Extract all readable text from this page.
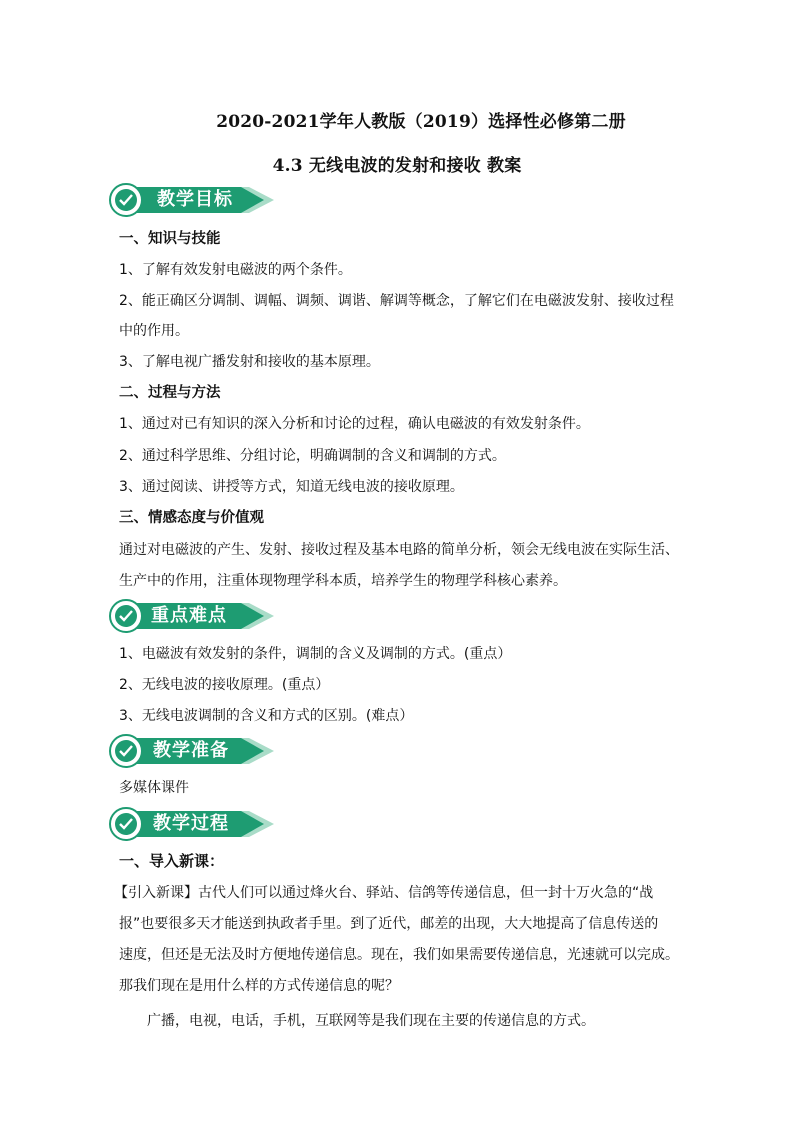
2020-2021学年人教版（2019）选择性必修第二册
4.3 无线电波的发射和接收 教案
教学目标
一、知识与技能
1、了解有效发射电磁波的两个条件。
2、能正确区分调制、调幅、调频、调谐、解调等概念，了解它们在电磁波发射、接收过程
中的作用。
3、了解电视广播发射和接收的基本原理。
二、过程与方法
1、通过对已有知识的深入分析和讨论的过程，确认电磁波的有效发射条件。
2、通过科学思维、分组讨论，明确调制的含义和调制的方式。
3、通过阅读、讲授等方式，知道无线电波的接收原理。
三、情感态度与价值观
通过对电磁波的产生、发射、接收过程及基本电路的简单分析，领会无线电波在实际生活、
生产中的作用，注重体现物理学科本质，培养学生的物理学科核心素养。
重点难点
1、电磁波有效发射的条件，调制的含义及调制的方式。(重点）
2、无线电波的接收原理。(重点）
3、无线电波调制的含义和方式的区别。(难点）
教学准备
多媒体课件
教学过程
一、导入新课：
【引入新课】古代人们可以通过烽火台、驿站、信鸽等传递信息，但一封十万火急的“战
报”也要很多天才能送到执政者手里。到了近代，邮差的出现，大大地提高了信息传送的
速度，但还是无法及时方便地传递信息。现在，我们如果需要传递信息，光速就可以完成。
那我们现在是用什么样的方式传递信息的呢？
广播，电视，电话，手机，互联网等是我们现在主要的传递信息的方式。
